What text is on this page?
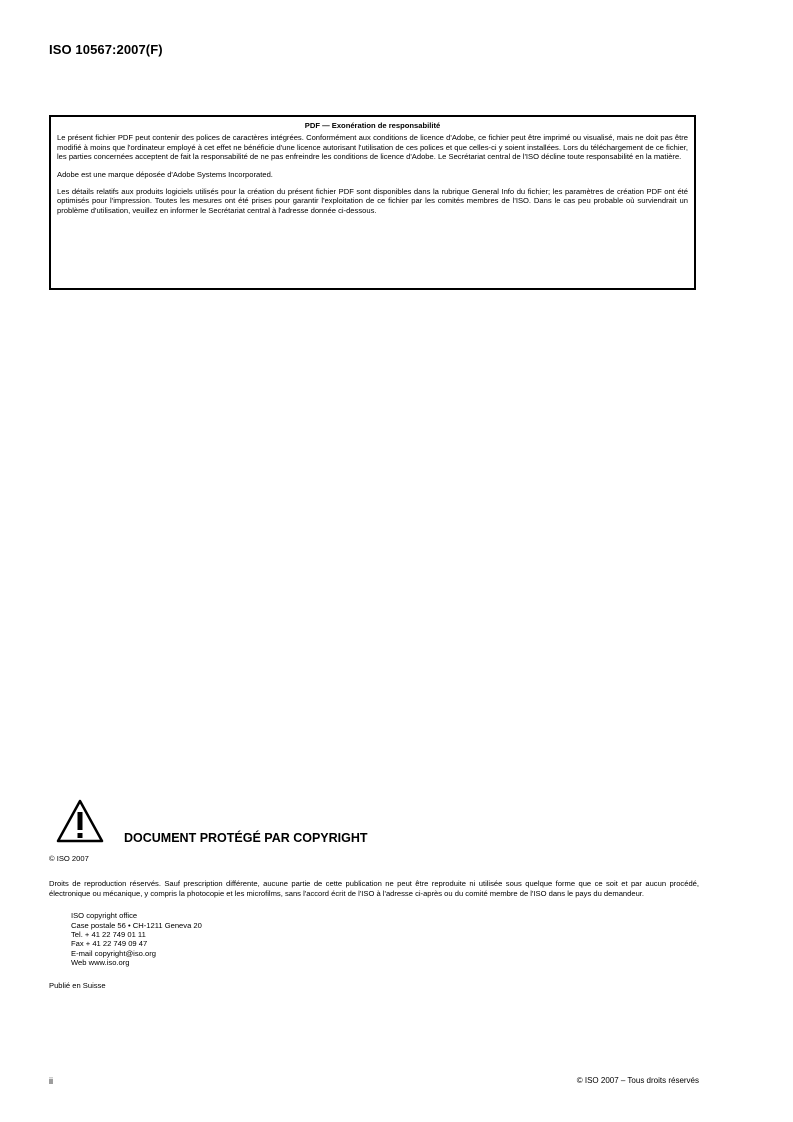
ISO 10567:2007(F)
PDF — Exonération de responsabilité

Le présent fichier PDF peut contenir des polices de caractères intégrées. Conformément aux conditions de licence d'Adobe, ce fichier peut être imprimé ou visualisé, mais ne doit pas être modifié à moins que l'ordinateur employé à cet effet ne bénéficie d'une licence autorisant l'utilisation de ces polices et que celles-ci y soient installées. Lors du téléchargement de ce fichier, les parties concernées acceptent de fait la responsabilité de ne pas enfreindre les conditions de licence d'Adobe. Le Secrétariat central de l'ISO décline toute responsabilité en la matière.

Adobe est une marque déposée d'Adobe Systems Incorporated.

Les détails relatifs aux produits logiciels utilisés pour la création du présent fichier PDF sont disponibles dans la rubrique General Info du fichier; les paramètres de création PDF ont été optimisés pour l'impression. Toutes les mesures ont été prises pour garantir l'exploitation de ce fichier par les comités membres de l'ISO. Dans le cas peu probable où surviendrait un problème d'utilisation, veuillez en informer le Secrétariat central à l'adresse donnée ci-dessous.

DOCUMENT PROTÉGÉ PAR COPYRIGHT
© ISO 2007
Droits de reproduction réservés. Sauf prescription différente, aucune partie de cette publication ne peut être reproduite ni utilisée sous quelque forme que ce soit et par aucun procédé, électronique ou mécanique, y compris la photocopie et les microfilms, sans l'accord écrit de l'ISO à l'adresse ci-après ou du comité membre de l'ISO dans le pays du demandeur.
ISO copyright office
Case postale 56 • CH-1211 Geneva 20
Tel. + 41 22 749 01 11
Fax + 41 22 749 09 47
E-mail copyright@iso.org
Web www.iso.org
Publié en Suisse
ii	© ISO 2007 – Tous droits réservés
